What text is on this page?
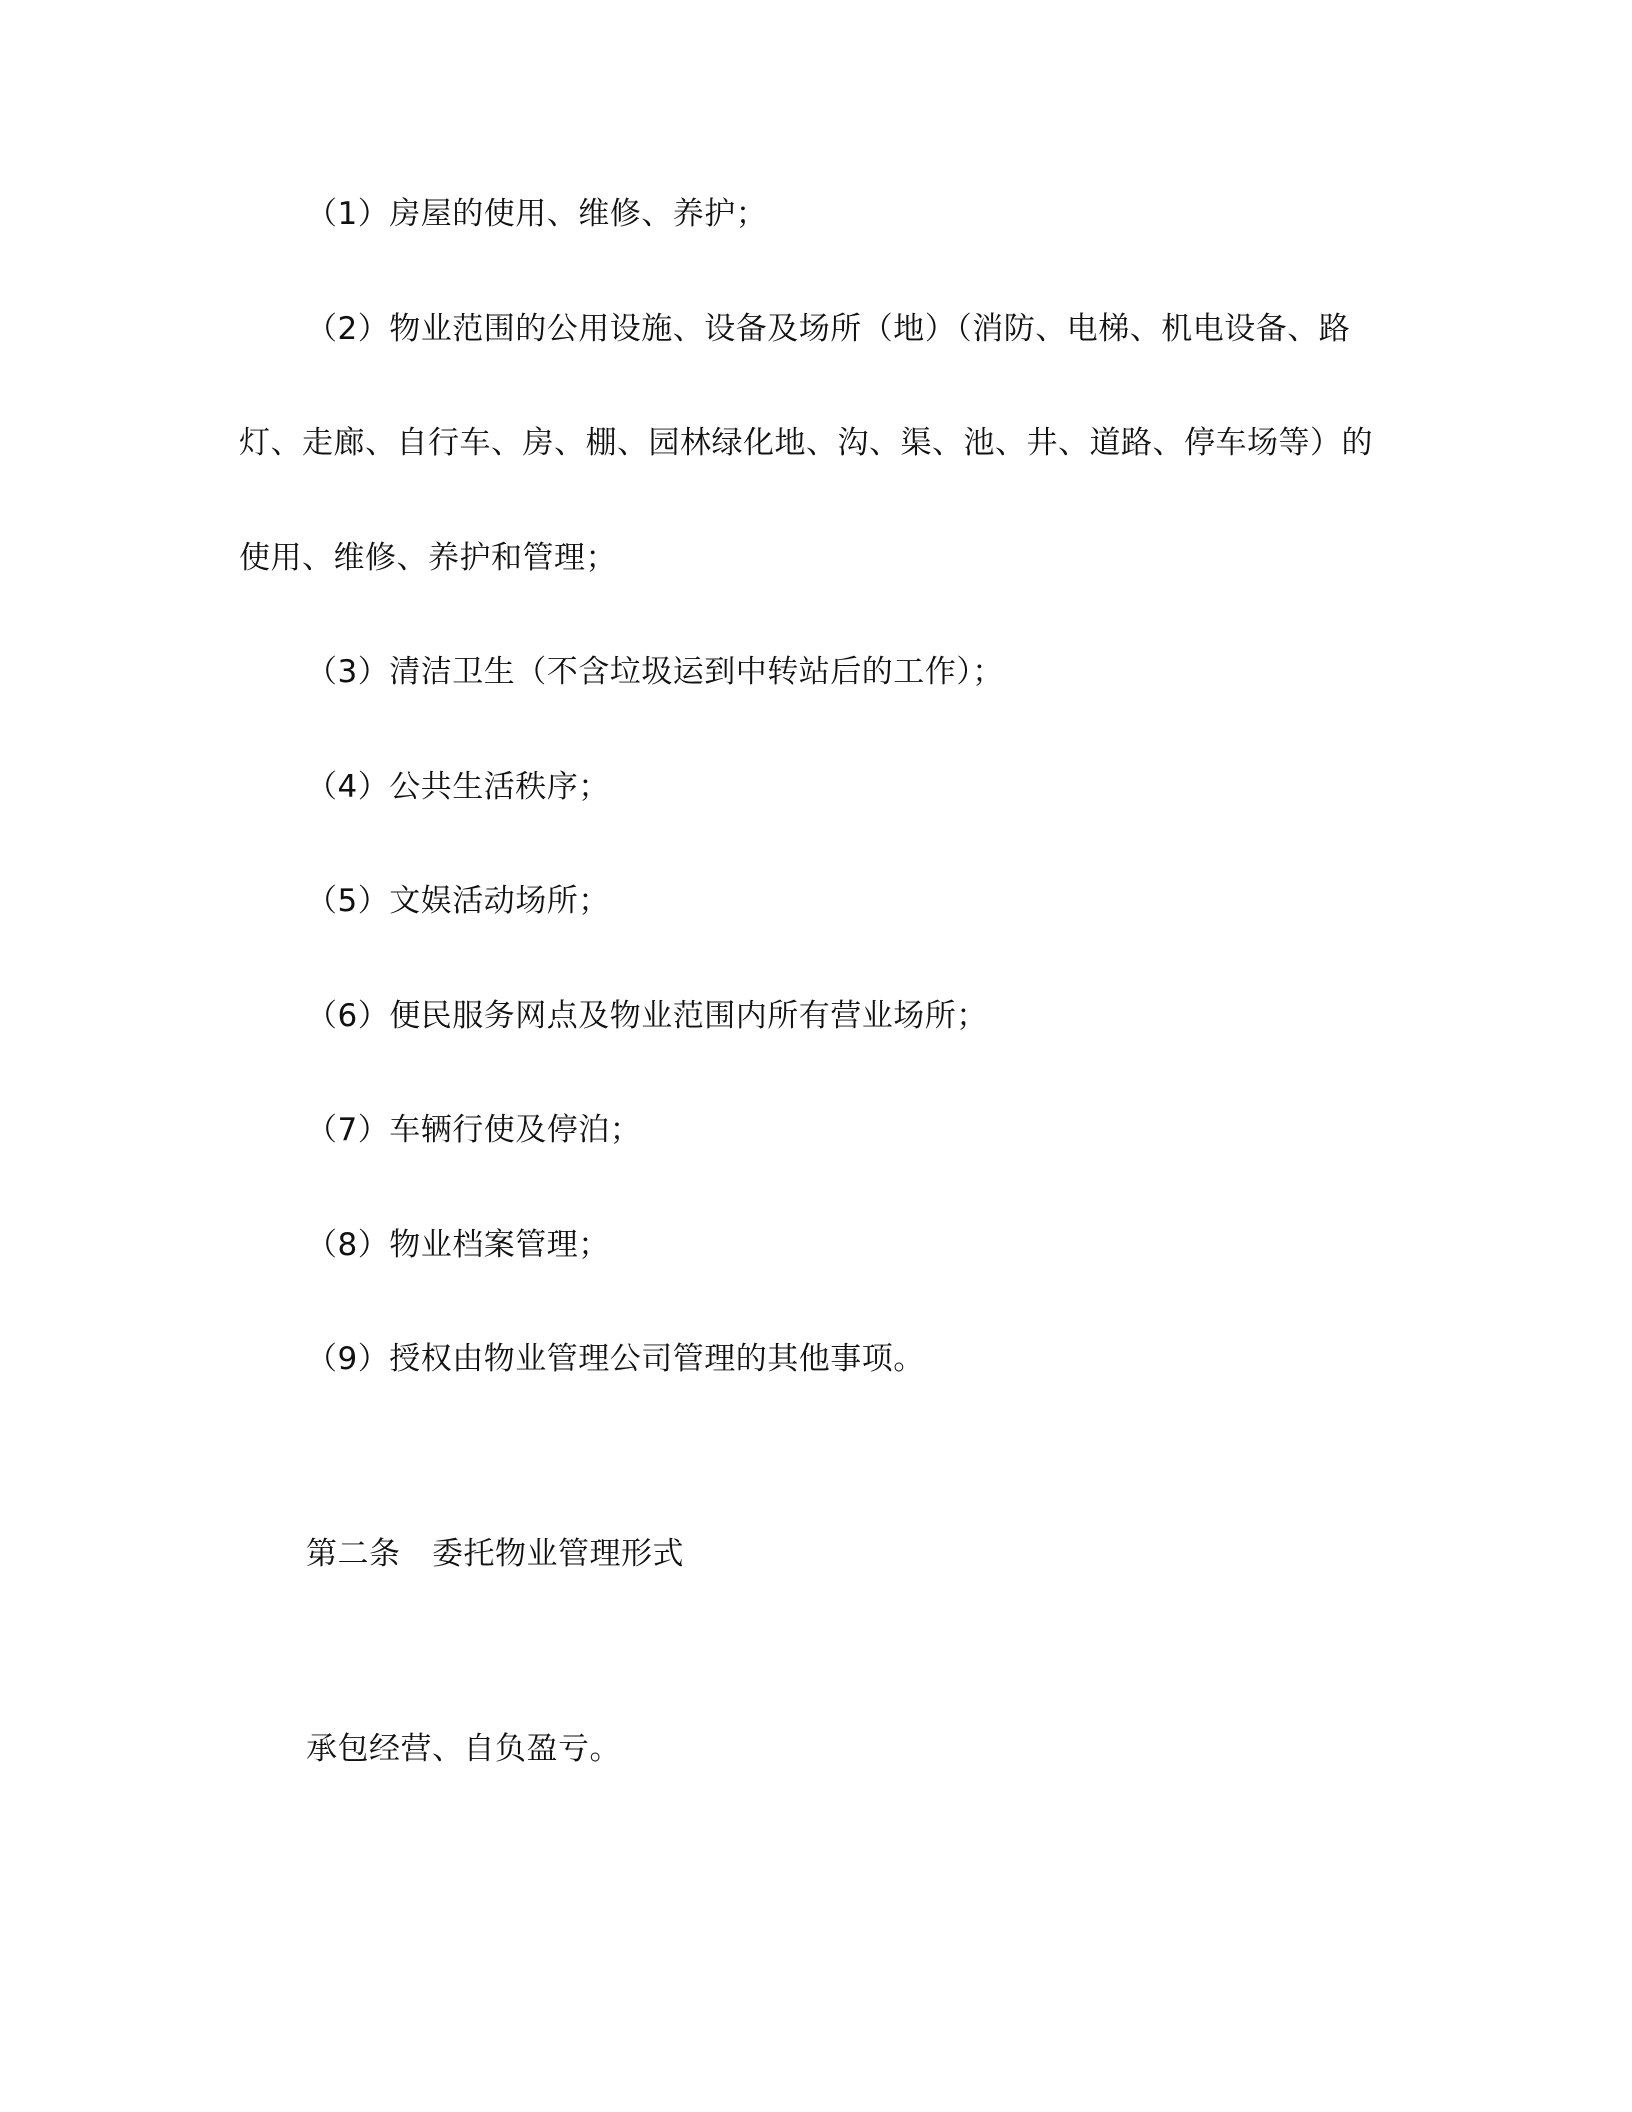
（1）房屋的使用、维修、养护；
（2）物业范围的公用设施、设备及场所（地）（消防、电梯、机电设备、路
灯、走廊、自行车、房、棚、园林绿化地、沟、渠、池、井、道路、停车场等）的
使用、维修、养护和管理；
（3）清洁卫生（不含垃圾运到中转站后的工作）；
（4）公共生活秩序；
（5）文娱活动场所；
（6）便民服务网点及物业范围内所有营业场所；
（7）车辆行使及停泊；
（8）物业档案管理；
（9）授权由物业管理公司管理的其他事项。
第二条　委托物业管理形式
承包经营、自负盈亏。
